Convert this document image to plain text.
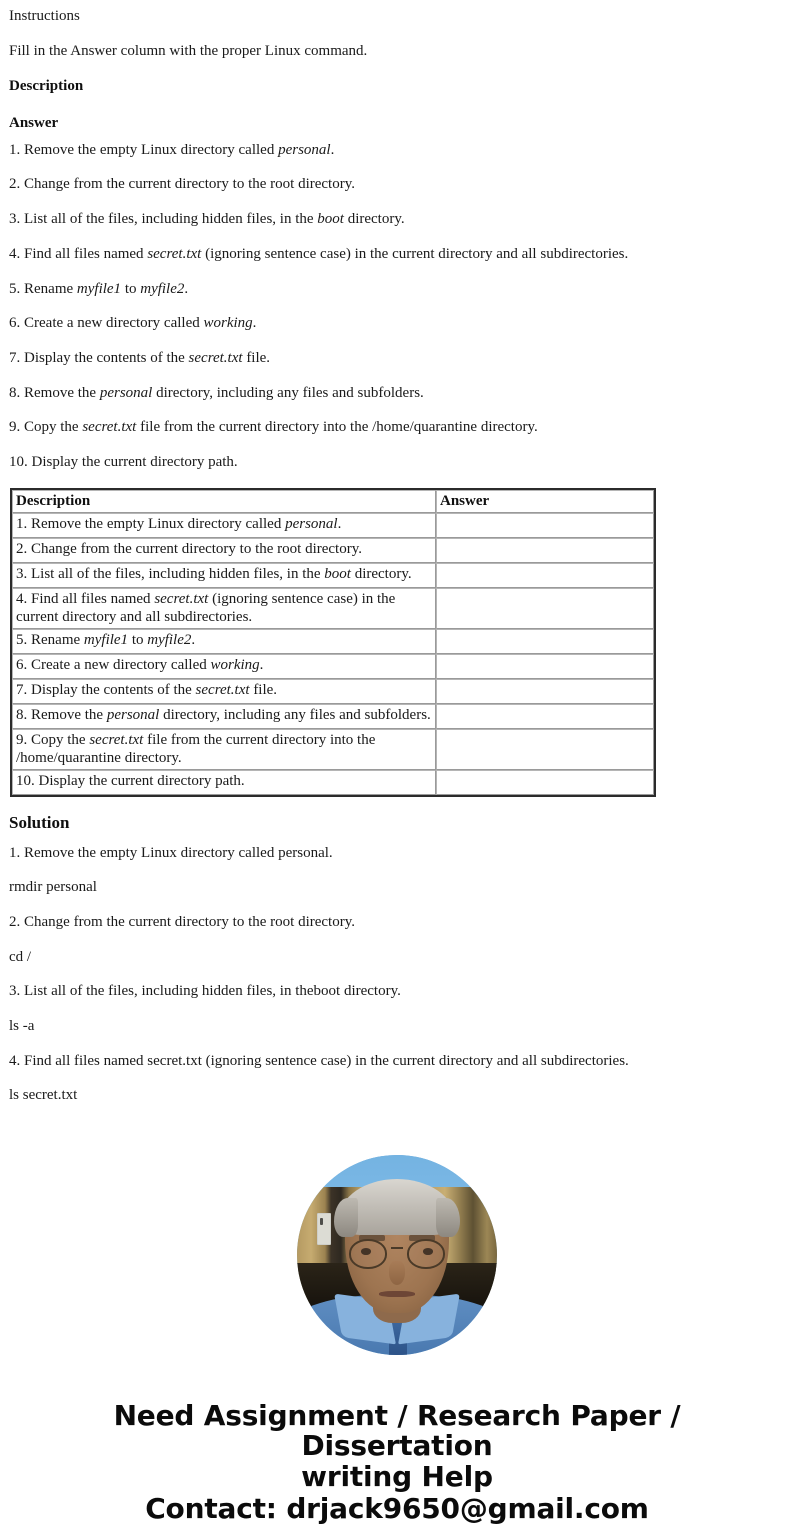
Instructions

Fill in the Answer column with the proper Linux command.

Description
Answer

1. Remove the empty Linux directory called personal.

2. Change from the current directory to the root directory.

3. List all of the files, including hidden files, in the boot directory.

4. Find all files named secret.txt (ignoring sentence case) in the current directory and all subdirectories.

5. Rename myfile1 to myfile2.

6. Create a new directory called working.

7. Display the contents of the secret.txt file.

8. Remove the personal directory, including any files and subfolders.

9. Copy the secret.txt file from the current directory into the /home/quarantine directory.

10. Display the current directory path.

Description	Answer
1. Remove the empty Linux directory called personal.	
2. Change from the current directory to the root directory.	
3. List all of the files, including hidden files, in the boot directory.	
4. Find all files named secret.txt (ignoring sentence case) in the current directory and all subdirectories.	
5. Rename myfile1 to myfile2.	
6. Create a new directory called working.	
7. Display the contents of the secret.txt file.	
8. Remove the personal directory, including any files and subfolders.	
9. Copy the secret.txt file from the current directory into the /home/quarantine directory.	
10. Display the current directory path.	
Solution

1. Remove the empty Linux directory called personal.

rmdir personal

2. Change from the current directory to the root directory.

cd /

3. List all of the files, including hidden files, in theboot directory.

ls -a

4. Find all files named secret.txt (ignoring sentence case) in the current directory and all subdirectories.

ls secret.txt

Need Assignment / Research Paper / Dissertation
writing Help
Contact: drjack9650@gmail.com
